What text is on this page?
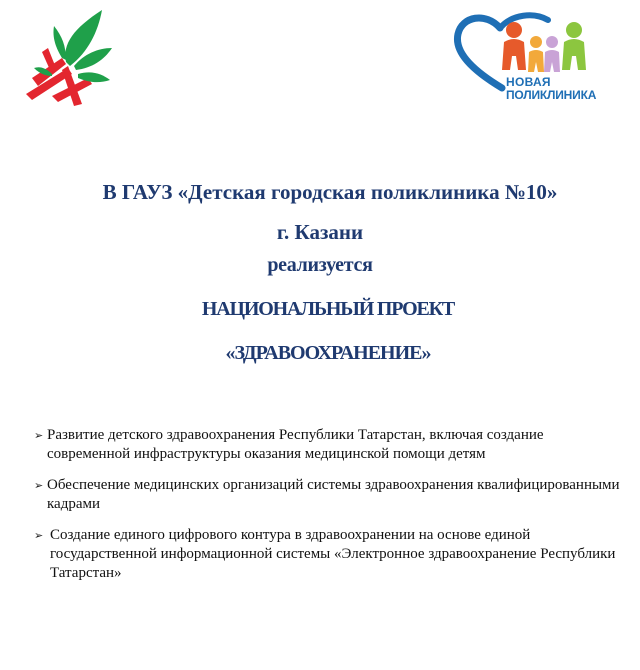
НОВАЯ
ПОЛИКЛИНИКА

В ГАУЗ «Детская городская поликлиника №10»

г. Казани

реализуется

НАЦИОНАЛЬНЫЙ ПРОЕКТ

«ЗДРАВООХРАНЕНИЕ»

➢ Развитие детского здравоохранения Республики Татарстан, включая создание современной инфраструктуры оказания медицинской помощи детям
➢ Обеспечение медицинских организаций системы здравоохранения квалифицированными кадрами
➢ Создание единого цифрового контура в здравоохранении на основе единой государственной информационной системы «Электронное здравоохранение Республики Татарстан»
